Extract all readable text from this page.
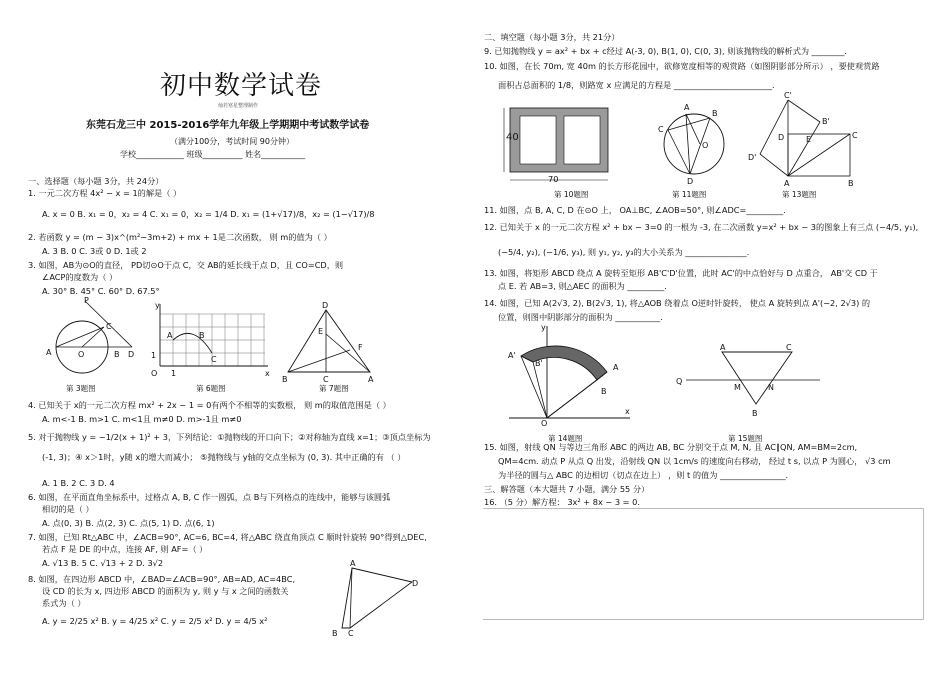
初中数学试卷
灿若寒星整理制作
东莞石龙三中 2015-2016学年九年级上学期期中考试数学试卷
（满分100分，考试时间 90分钟）
学校____________ 班级__________ 姓名___________
一、选择题（每小题 3分，共 24分）
1. 一元二次方程 4x² − x = 1的解是（ ）
A. x = 0 B. x₁ = 0，x₂ = 4 C. x₁ = 0，x₂ = 1/4 D. x₁ = (1+√17)/8，x₂ = (1−√17)/8
2. 若函数 y = (m − 3)x^(m²−3m+2) + mx + 1是二次函数， 则 m的值为（ ）
A. 3 B. 0 C. 3或 0 D. 1或 2
3. 如图，AB为⊙O的直径， PD切⊙O于点 C，交 AB的延长线于点 D，且 CO=CD，则
∠ACP的度数为（ ）
A. 30° B. 45° C. 60° D. 67.5°
P
C
A	O	B D
第 3题图
y
x
O 1
1
A	B
C
第 6题图
D
E
F
B	C	A
第 7题图
4. 已知关于 x的一元二次方程 mx² + 2x − 1 = 0有两个不相等的实数根， 则 m的取值范围是（ ）
A. m<-1 B. m>1 C. m<1且 m≠0 D. m>-1且 m≠0
5. 对于抛物线 y = −1/2(x + 1)² + 3，下列结论：①抛物线的开口向下；②对称轴为直线 x=1；③顶点坐标为
(-1, 3)；④ x＞1时，y随 x的增大而减小； ⑤抛物线与 y轴的交点坐标为 (0, 3). 其中正确的有 （ ）
A. 1 B. 2 C. 3 D. 4
6. 如图，在平面直角坐标系中，过格点 A, B, C 作一圆弧，点 B与下列格点的连线中，能够与该圆弧
相切的是（ ）
A. 点(0, 3) B. 点(2, 3) C. 点(5, 1) D. 点(6, 1)
7. 如图，已知 Rt△ABC 中，∠ACB=90°, AC=6, BC=4, 将△ABC 绕直角顶点 C 顺时针旋转 90°得到△DEC,
若点 F 是 DE 的中点，连接 AF, 则 AF=（ ）
A. √13 B. 5 C. √13 + 2 D. 3√2
8. 如图，在四边形 ABCD 中，∠BAD=∠ACB=90°, AB=AD, AC=4BC,
设 CD 的长为 x, 四边形 ABCD 的面积为 y, 则 y 与 x 之间的函数关
系式为（ ）
A. y = 2/25 x² B. y = 4/25 x² C. y = 2/5 x² D. y = 4/5 x²
A
D
B C
二、填空题（每小题 3分，共 21分）
9. 已知抛物线 y = ax² + bx + c经过 A(-3, 0), B(1, 0), C(0, 3), 则该抛物线的解析式为 ________.
10. 如图，在长 70m, 宽 40m 的长方形花园中，欲修宽度相等的观赏路（如图阴影部分所示） ，要使观赏路
面积占总面积的 1/8，则路宽 x 应满足的方程是 ________________________.
70
40
第 10题图
A
C
B
O
D
第 11题图
C'
B'
C
D	E
D'
A	B
第 13题图
11. 如图，点 B, A, C, D 在⊙O 上， OA⊥BC, ∠AOB=50°, 则∠ADC=_________.
12. 已知关于 x 的一元二次方程 x² + bx − 3=0 的一根为 -3, 在二次函数 y=x² + bx − 3的图象上有三点 (−4/5, y₁),
(−5/4, y₂), (−1/6, y₃), 则 y₁, y₂, y₃的大小关系为 _______________.
13. 如图，将矩形 ABCD 绕点 A 旋转至矩形 AB'C'D'位置，此时 AC'的中点恰好与 D 点重合， AB'交 CD 于
点 E. 若 AB=3, 则△AEC 的面积为 _________.
14. 如图，已知 A(2√3, 2), B(2√3, 1), 将△AOB 绕着点 O逆时针旋转， 使点 A 旋转到点 A'(−2, 2√3) 的
位置，则图中阴影部分的面积为 ___________.
A'
B'
B
A
O
y
x
第 14题图
A	C
Q
M	N
B
第 15题图
15. 如图，射线 QN 与等边三角形 ABC 的两边 AB, BC 分别交于点 M, N, 且 AC∥QN, AM=BM=2cm,
QM=4cm. 动点 P 从点 Q 出发，沿射线 QN 以 1cm/s 的速度向右移动， 经过 t s, 以点 P 为圆心， √3 cm
为半径的圆与△ ABC 的边相切（切点在边上） ，则 t 的值为 ________________.
三、解答题（本大题共 7 小题，满分 55 分）
16. （5 分）解方程： 3x² + 8x − 3 = 0.
